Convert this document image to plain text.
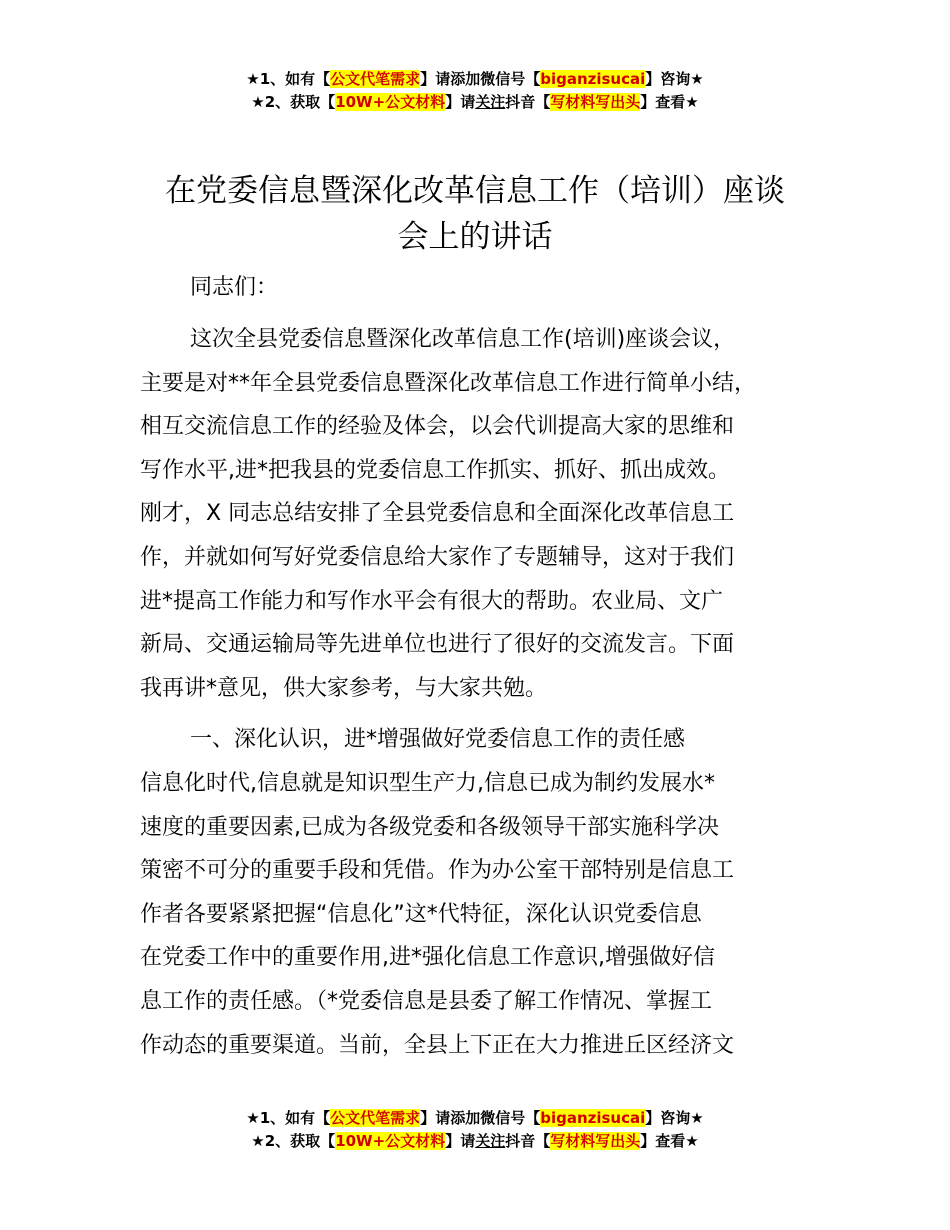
★1、如有【公文代笔需求】请添加微信号【biganzisucai】咨询★
★2、获取【10W+公文材料】请关注抖音【写材料写出头】查看★
在党委信息暨深化改革信息工作（培训）座谈
会上的讲话
同志们：
这次全县党委信息暨深化改革信息工作(培训)座谈会议，
主要是对**年全县党委信息暨深化改革信息工作进行简单小结，
相互交流信息工作的经验及体会，以会代训提高大家的思维和
写作水平,进*把我县的党委信息工作抓实、抓好、抓出成效。
刚才，X 同志总结安排了全县党委信息和全面深化改革信息工
作，并就如何写好党委信息给大家作了专题辅导，这对于我们
进*提高工作能力和写作水平会有很大的帮助。农业局、文广
新局、交通运输局等先进单位也进行了很好的交流发言。下面
我再讲*意见，供大家参考，与大家共勉。
一、深化认识，进*增强做好党委信息工作的责任感
信息化时代,信息就是知识型生产力,信息已成为制约发展水*
速度的重要因素,已成为各级党委和各级领导干部实施科学决
策密不可分的重要手段和凭借。作为办公室干部特别是信息工
作者各要紧紧把握“信息化”这*代特征，深化认识党委信息
在党委工作中的重要作用,进*强化信息工作意识,增强做好信
息工作的责任感。（*党委信息是县委了解工作情况、掌握工
作动态的重要渠道。当前，全县上下正在大力推进丘区经济文
★1、如有【公文代笔需求】请添加微信号【biganzisucai】咨询★
★2、获取【10W+公文材料】请关注抖音【写材料写出头】查看★
